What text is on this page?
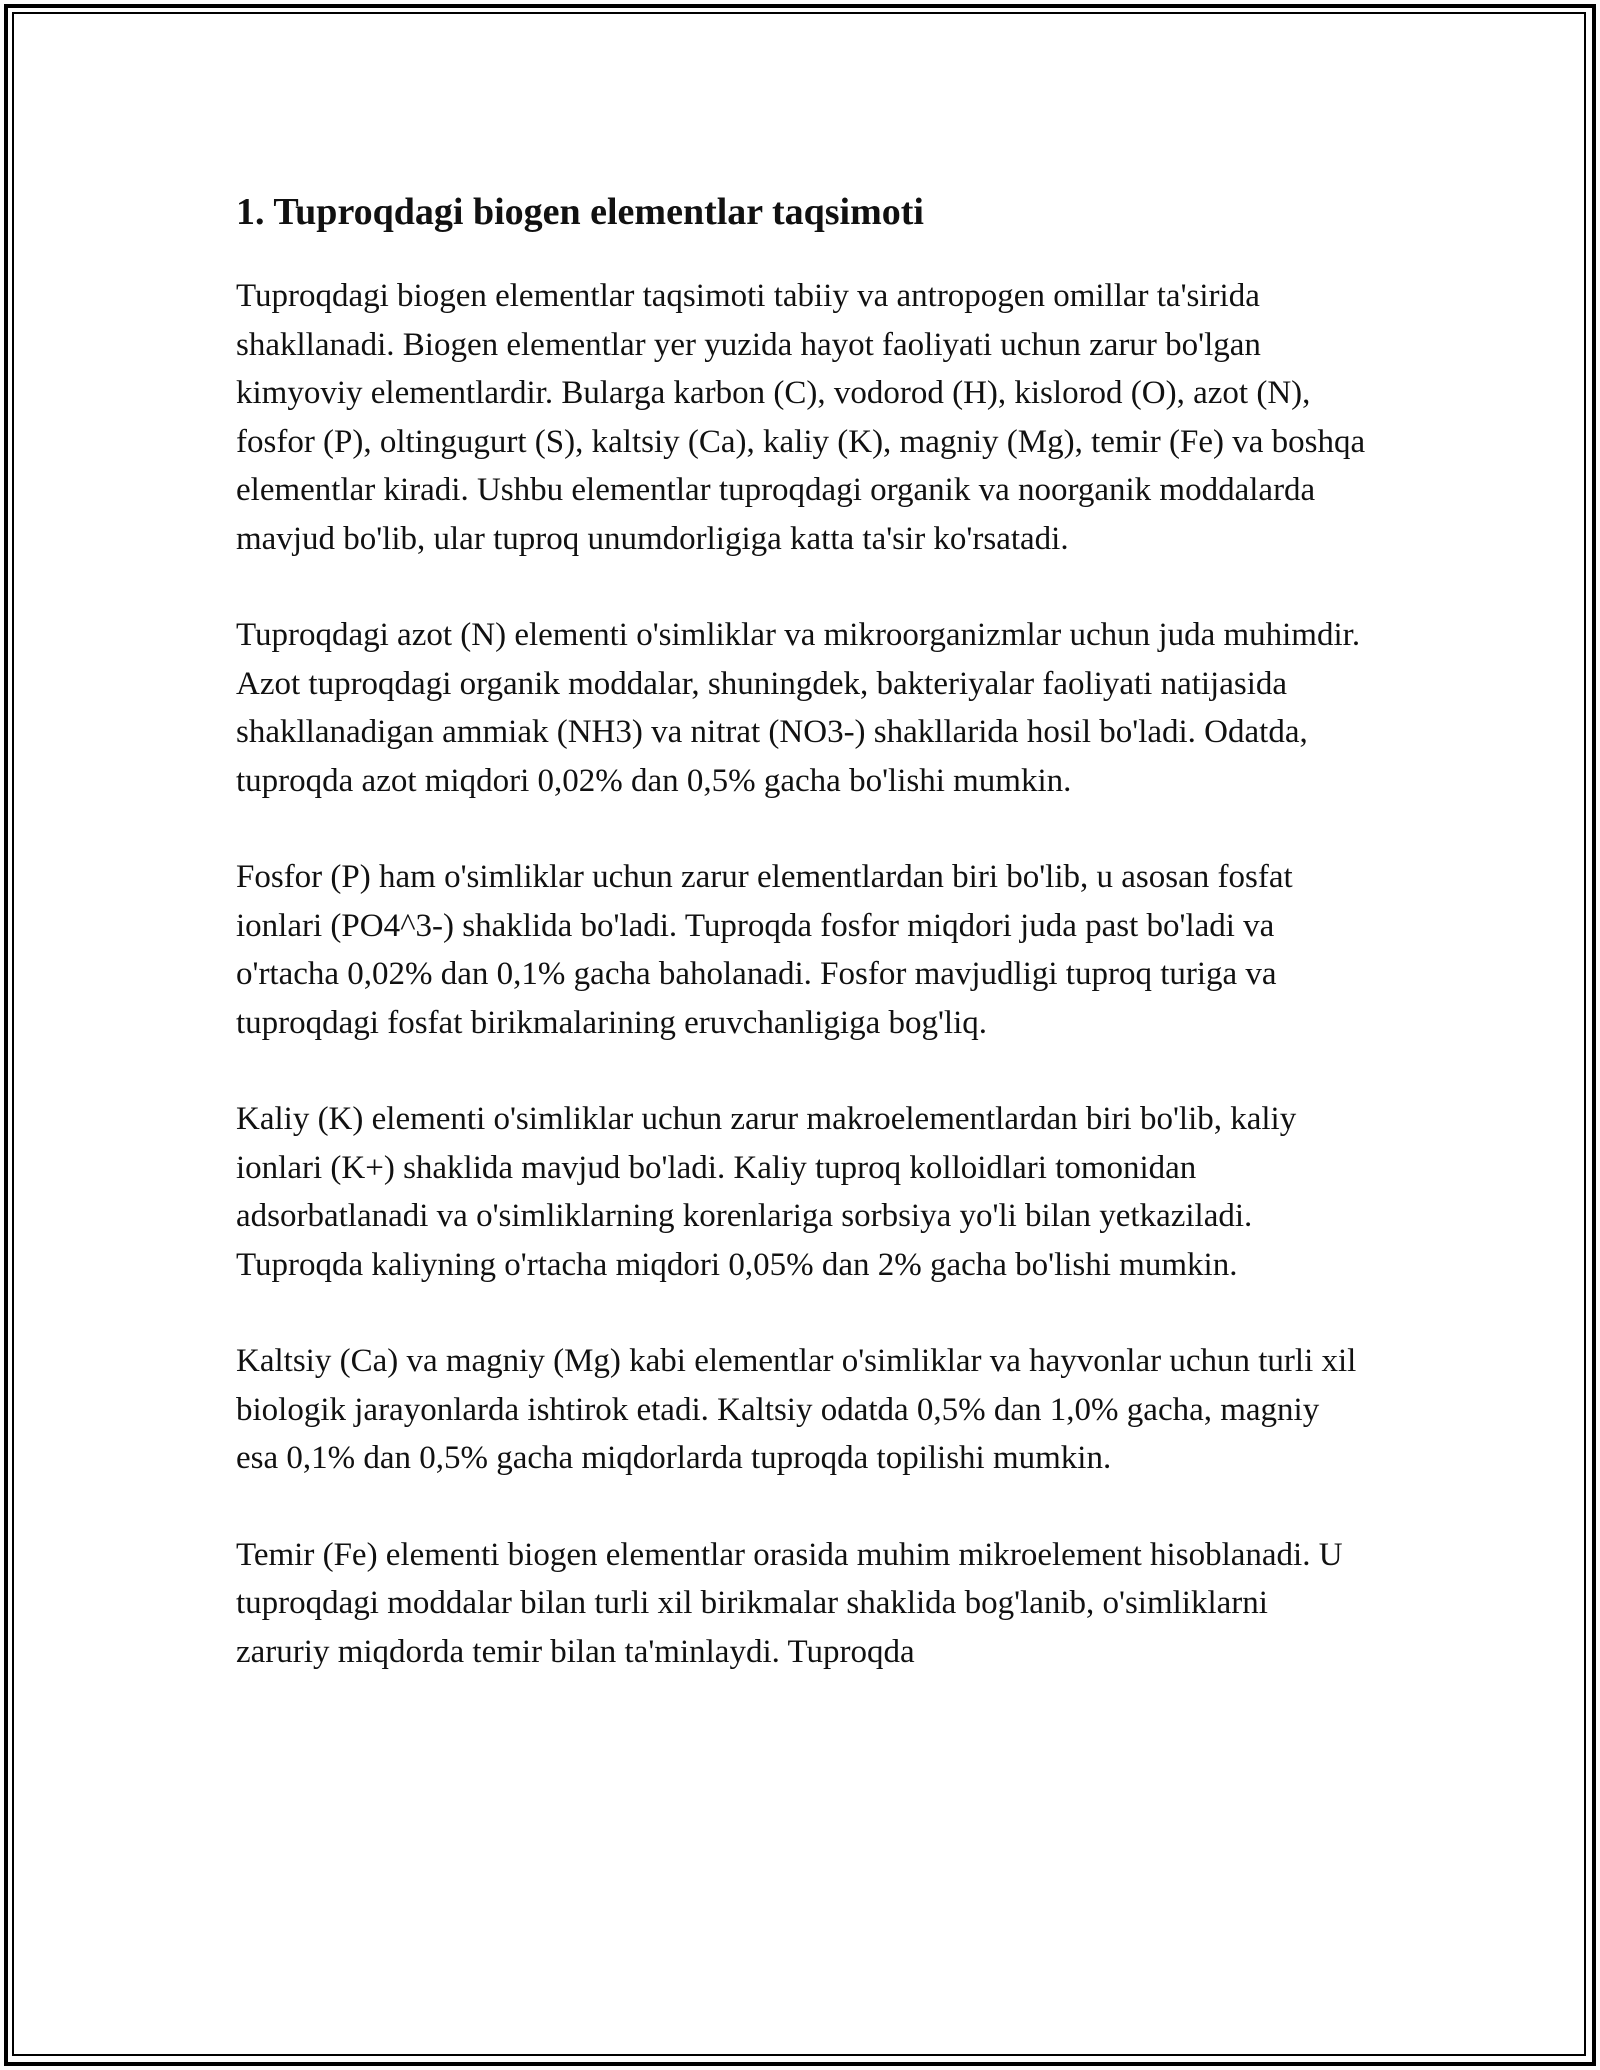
1. Tuproqdagi biogen elementlar taqsimoti

Tuproqdagi biogen elementlar taqsimoti tabiiy va antropogen omillar ta'sirida shakllanadi. Biogen elementlar yer yuzida hayot faoliyati uchun zarur bo'lgan kimyoviy elementlardir. Bularga karbon (C), vodorod (H), kislorod (O), azot (N), fosfor (P), oltingugurt (S), kaltsiy (Ca), kaliy (K), magniy (Mg), temir (Fe) va boshqa elementlar kiradi. Ushbu elementlar tuproqdagi organik va noorganik moddalarda mavjud bo'lib, ular tuproq unumdorligiga katta ta'sir ko'rsatadi.

Tuproqdagi azot (N) elementi o'simliklar va mikroorganizmlar uchun juda muhimdir. Azot tuproqdagi organik moddalar, shuningdek, bakteriyalar faoliyati natijasida shakllanadigan ammiak (NH3) va nitrat (NO3-) shakllarida hosil bo'ladi. Odatda, tuproqda azot miqdori 0,02% dan 0,5% gacha bo'lishi mumkin.

Fosfor (P) ham o'simliklar uchun zarur elementlardan biri bo'lib, u asosan fosfat ionlari (PO4^3-) shaklida bo'ladi. Tuproqda fosfor miqdori juda past bo'ladi va o'rtacha 0,02% dan 0,1% gacha baholanadi. Fosfor mavjudligi tuproq turiga va tuproqdagi fosfat birikmalarining eruvchanligiga bog'liq.

Kaliy (K) elementi o'simliklar uchun zarur makroelementlardan biri bo'lib, kaliy ionlari (K+) shaklida mavjud bo'ladi. Kaliy tuproq kolloidlari tomonidan adsorbatlanadi va o'simliklarning korenlariga sorbsiya yo'li bilan yetkaziladi. Tuproqda kaliyning o'rtacha miqdori 0,05% dan 2% gacha bo'lishi mumkin.

Kaltsiy (Ca) va magniy (Mg) kabi elementlar o'simliklar va hayvonlar uchun turli xil biologik jarayonlarda ishtirok etadi. Kaltsiy odatda 0,5% dan 1,0% gacha, magniy esa 0,1% dan 0,5% gacha miqdorlarda tuproqda topilishi mumkin.

Temir (Fe) elementi biogen elementlar orasida muhim mikroelement hisoblanadi. U tuproqdagi moddalar bilan turli xil birikmalar shaklida bog'lanib, o'simliklarni zaruriy miqdorda temir bilan ta'minlaydi. Tuproqda
